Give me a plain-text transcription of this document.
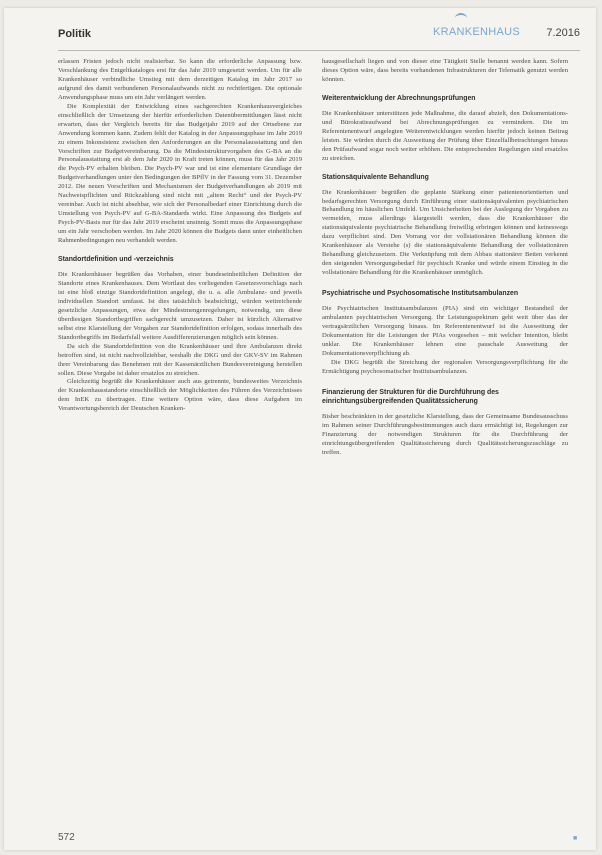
Politik	KRANKENHAUS 7.2016

erlassen Fristen jedoch nicht realisierbar. So kann die erforderliche Anpassung bzw. Verschlankung des Entgeltkataloges erst für das Jahr 2019 umgesetzt werden. Um für alle Krankenhäuser verbindliche Umstieg mit dem derzeitigen Katalog im Jahr 2017 so aufgrund des damit verbundenen Personalaufwands nicht zu rechtfertigen. Die optionale Anwendungsphase muss um ein Jahr verlängert werden.

Die Komplexität der Entwicklung eines sachgerechten Krankenhausvergleiches einschließlich der Umsetzung der hierfür erforderlichen Datenübermittlungen lässt nicht erwarten, dass der Vergleich bereits für das Budgetjahr 2019 auf der Ortsebene zur Anwendung kommen kann. Zudem fehlt der Katalog in der Anpassungsphase im Jahr 2019 zu einem Inkonsistenz zwischen den Anforderungen an die Personalausstattung und den Vorschriften zur Budgetvereinbarung. Da die Mindeststrukturvorgaben des G-BA an die Personalausstattung erst ab dem Jahr 2020 in Kraft treten können, muss für das Jahr 2019 die Psych-PV erhalten bleiben. Die Psych-PV war und ist eine elementare Grundlage der Budgetverhandlungen unter den Bedingungen der BPflV in der Fassung vom 31. Dezember 2012. Die neuen Vorschriften und Mechanismen der Budgetverhandlungen ab 2019 mit Nachweispflichten und Rückzahlung sind nicht mit „altem Recht“ und der Psych-PV vereinbar. Auch ist nicht absehbar, wie sich der Personalbedarf einer Einrichtung durch die Umstellung von Psych-PV auf G-BA-Standards wirkt. Eine Anpassung des Budgets auf Psych-PV-Basis nur für das Jahr 2019 erscheint unsinnig. Somit muss die Anpassungsphase um ein Jahr verschoben werden. Im Jahr 2020 können die Budgets dann unter einheitlichen Rahmenbedingungen neu verhandelt werden.

Standortdefinition und -verzeichnis

Die Krankenhäuser begrüßen das Vorhaben, einer bundeseinheitlichen Definition der Standorte eines Krankenhauses. Dem Wortlaut des vorliegenden Gesetzesvorschlags nach ist eine bloß einzige Standortdefinition angelegt, die u. a. alle Ambulanz- und jeweils individuellen Standort umfasst. Ist dies tatsächlich beabsichtigt, würden weitreichende gesetzliche Anpassungen, etwa der Mindestmengenregelungen, notwendig, um diese überdiesigen Standortbegriffen sachgerecht umzusetzen. Daher ist kürzlich Alternative selbst eine Klarstellung der Vorgaben zur Standortdefinition erfolgen, sodass innerhalb des Standortbegriffs im Bedarfsfall weitere Ausdifferenzierungen möglich sein können.

Da sich die Standortdefinition von die Krankenhäuser und ihre Ambulanzen direkt betroffen sind, ist nicht nachvollziehbar, weshalb die DKG und der GKV-SV im Rahmen ihrer Vereinbarung das Benehmen mit der Kassenärztlichen Bundesvereinigung herstellen sollen. Diese Vorgabe ist daher ersatzlos zu streichen.

Gleichzeitig begrüßt die Krankenhäuser auch aus getrennte, bundesweites Verzeichnis der Krankenhausstandorte einschließlich der Möglichkeiten des Führen des Verzeichnisses dem InEK zu übertragen. Eine weitere Option wäre, dass diese Aufgaben im Verantwortungsbereich der Deutschen Kranken-

hausgesellschaft liegen und von dieser eine Tätigkeit Stelle benannt werden kann. Sofern dieses Option wäre, dass bereits vorhandenen Infrastrukturen der Telematik genutzt werden könnten.

Weiterentwicklung der Abrechnungsprüfungen

Die Krankenhäuser unterstützen jede Maßnahme, die darauf abzielt, den Dokumentations- und Bürokratieaufwand bei Abrechnungsprüfungen zu vermindern. Die im Referentenentwurf angelegten Weiterentwicklungen werden hierfür jedoch keinen Beitrag leisten. Sie würden durch die Ausweitung der Prüfung über Einzelfallbetrachtungen hinaus den Prüfaufwand sogar noch weiter erhöhen. Die entsprechenden Regelungen sind ersatzlos zu streichen.

Stationsäquivalente Behandlung

Die Krankenhäuser begrüßen die geplante Stärkung einer patientenorientierten und bedarfsgerechten Versorgung durch Einführung einer stationsäquivalenten psychiatrischen Behandlung im häuslichen Umfeld. Um Unsicherheiten bei der Auslegung der Vorgaben zu vermeiden, muss allerdings klargestellt werden, dass die Krankenhäuser die stationsäquivalente psychiatrische Behandlung freiwillig erbringen können und keineswegs dazu verpflichtet sind. Den Vorrang vor der vollstationären Behandlung können die Krankenhäuser als Verstehe (s) die stationsäquivalente Behandlung der vollstationären Behandlung gleichzusetzen. Die Verknüpfung mit dem Abbau stationärer Betten verkennt den steigenden Versorgungsbedarf für psychisch Kranke und würde einem Einstieg in die vollstationäre Behandlung für die Krankenhäuser unmöglich.

Psychiatrische und Psychosomatische Institutsambulanzen

Die Psychiatrischen Institutsambulanzen (PIA) sind ein wichtiger Bestandteil der ambulanten psychiatrischen Versorgung. Ihr Leistungsspektrum geht weit über das der vertragsärztlichen Versorgung hinaus. Im Referentenentwurf ist die Ausweitung der Dokumentation für die Leistungen der PIAs vorgesehen – mit welcher Intention, bleibt unklar. Die Krankenhäuser lehnen eine pauschale Ausweitung der Dokumentationsverpflichtung ab.

Die DKG begrüßt die Streichung der regionalen Versorgungsverpflichtung für die Ermächtigung psychosomatischer Institutsambulanzen.

Finanzierung der Strukturen für die Durchführung des einrichtungsübergreifenden Qualitätssicherung

Bisher beschränkten in der gesetzliche Klarstellung, dass der Gemeinsame Bundesausschuss im Rahmen seiner Durchführungsbestimmungen auch dazu ermächtigt ist, Regelungen zur Finanzierung der notwendigen Strukturen für die Durchführung der einrichtungsübergreifenden Qualitätssicherung durch Qualitätssicherungszuschläge zu treffen.

572	■
